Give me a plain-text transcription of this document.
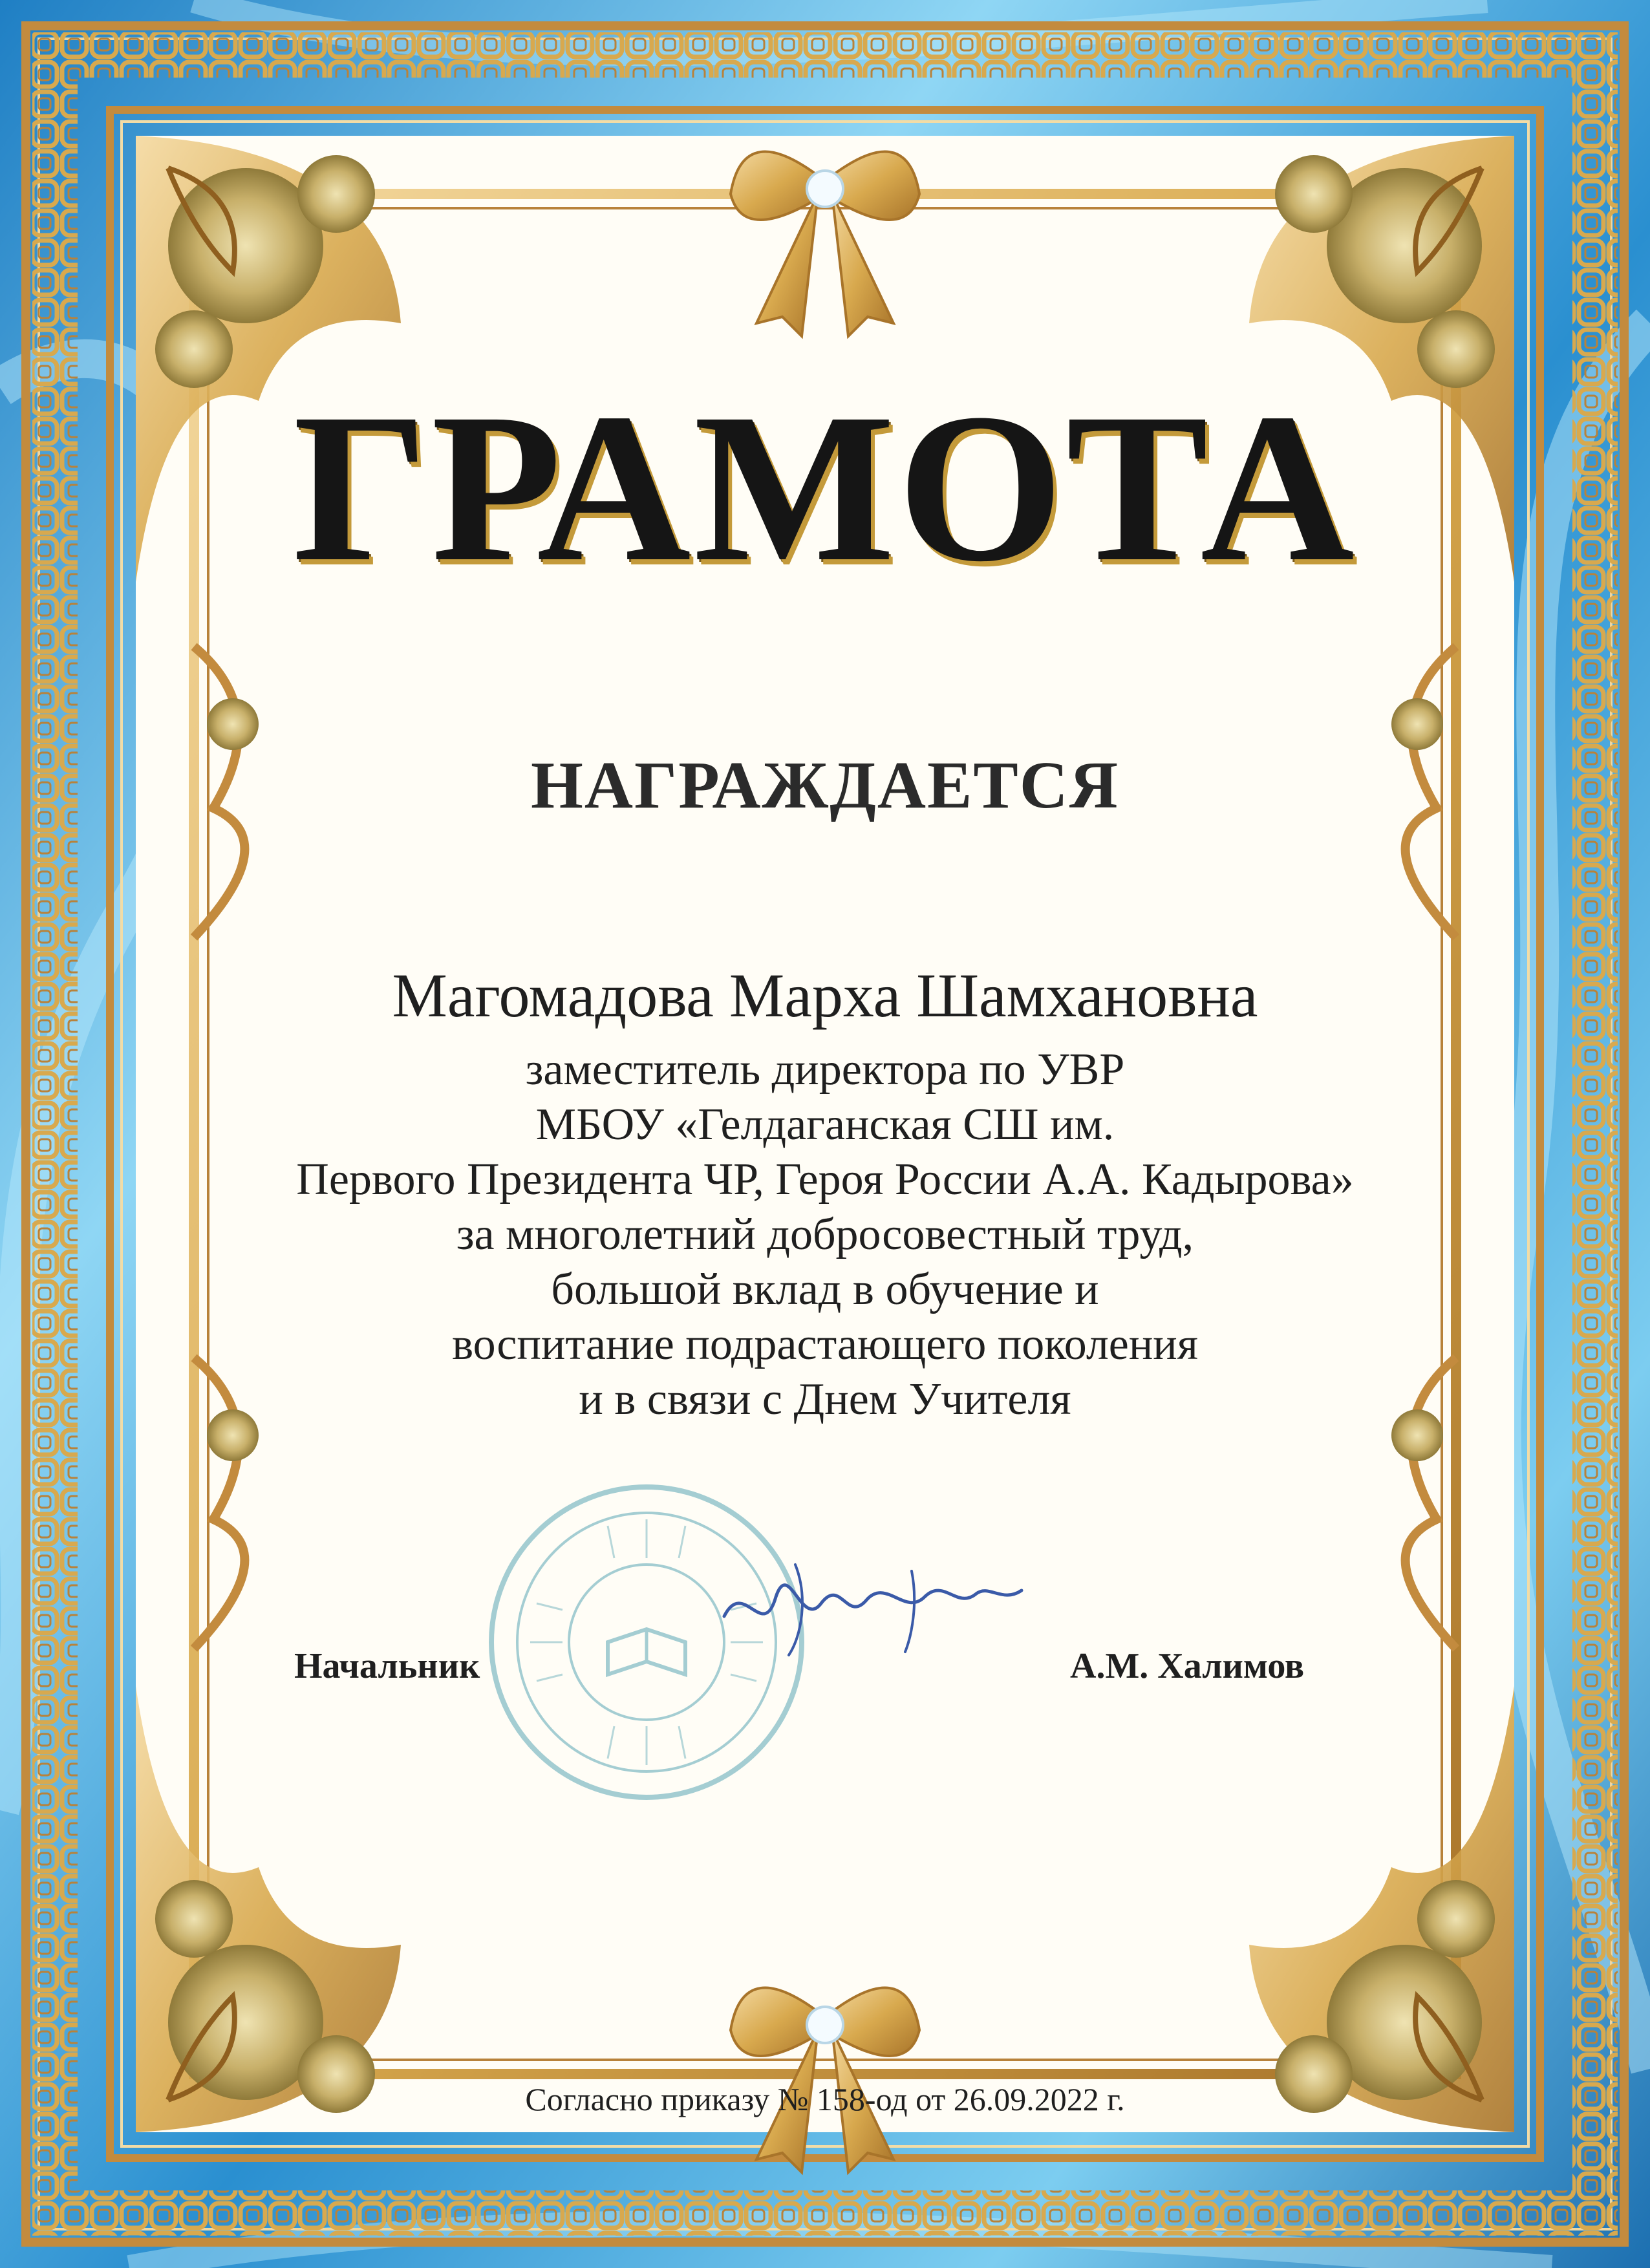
ГРАМОТА
НАГРАЖДАЕТСЯ
Магомадова Марха Шамхановна
заместитель директора по УВР
МБОУ «Гелдаганская СШ им.
Первого Президента ЧР, Героя России А.А. Кадырова»
за многолетний добросовестный труд,
большой вклад в обучение и
воспитание подрастающего поколения
и в связи с Днем Учителя
Начальник	А.М. Халимов
Согласно приказу № 158-од от 26.09.2022 г.
